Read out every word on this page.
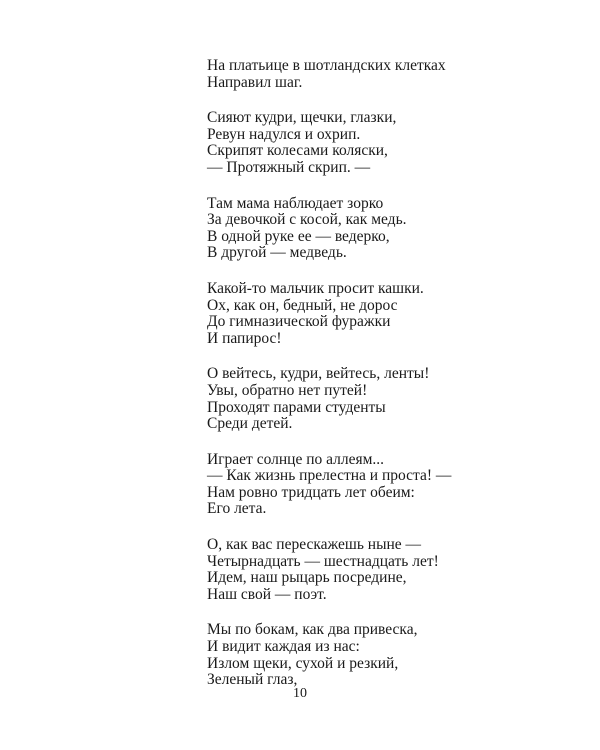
На платьице в шотландских клетках
Направил шаг.
Сияют кудри, щечки, глазки,
Ревун надулся и охрип.
Скрипят колесами коляски,
— Протяжный скрип. —
Там мама наблюдает зорко
За девочкой с косой, как медь.
В одной руке ее — ведерко,
В другой — медведь.
Какой-то мальчик просит кашки.
Ох, как он, бедный, не дорос
До гимназической фуражки
И папирос!
О вейтесь, кудри, вейтесь, ленты!
Увы, обратно нет путей!
Проходят парами студенты
Среди детей.
Играет солнце по аллеям...
— Как жизнь прелестна и проста! —
Нам ровно тридцать лет обеим:
Его лета.
О, как вас перескажешь ныне —
Четырнадцать — шестнадцать лет!
Идем, наш рыцарь посредине,
Наш свой — поэт.
Мы по бокам, как два привеска,
И видит каждая из нас:
Излом щеки, сухой и резкий,
Зеленый глаз,
10
